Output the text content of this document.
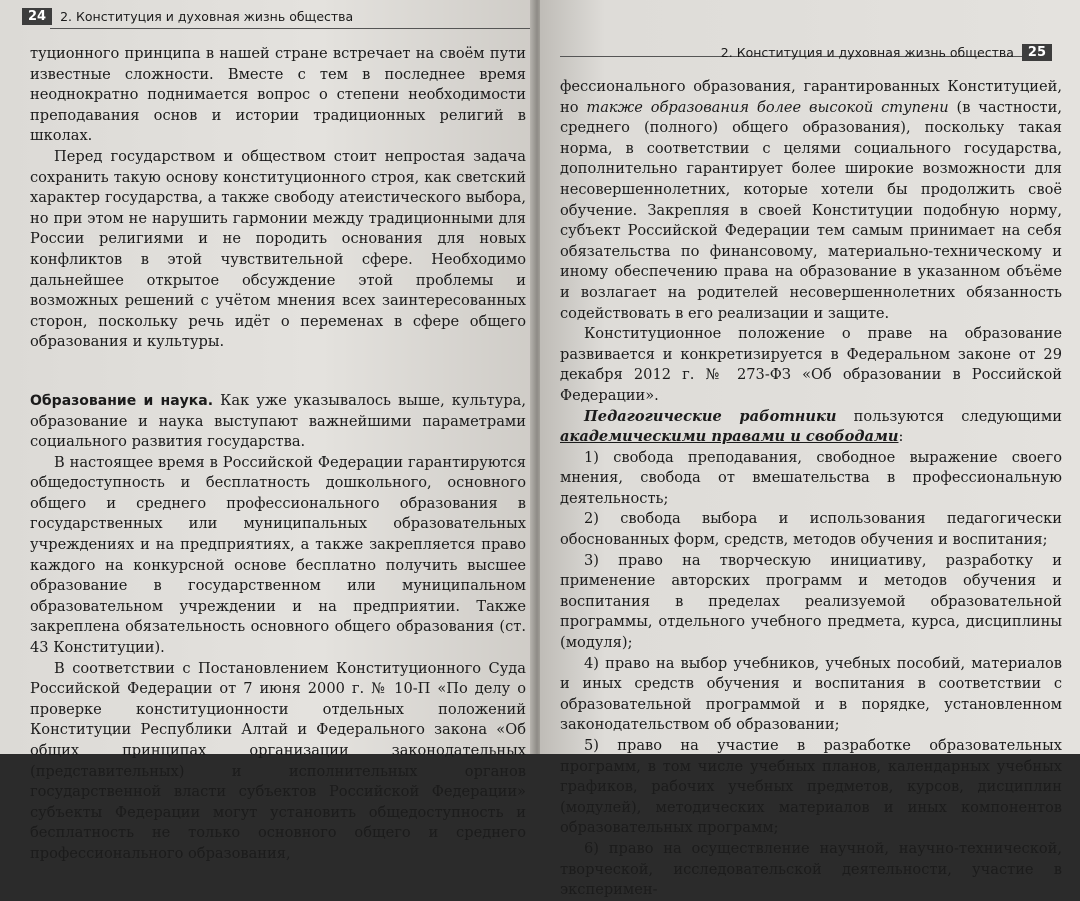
24	2. Конституция и духовная жизнь общества

туционного принципа в нашей стране встречает на своём пути известные сложности. Вместе с тем в последнее время неоднократно поднимается вопрос о степени необходимости преподавания основ и истории традиционных религий в школах.

Перед государством и обществом стоит непростая задача сохранить такую основу конституционного строя, как светский характер государства, а также свободу атеистического выбора, но при этом не нарушить гармонии между традиционными для России религиями и не породить основания для новых конфликтов в этой чувствительной сфере. Необходимо дальнейшее открытое обсуждение этой проблемы и возможных решений с учётом мнения всех заинтересованных сторон, поскольку речь идёт о переменах в сфере общего образования и культуры.

Образование и наука. Как уже указывалось выше, культура, образование и наука выступают важнейшими параметрами социального развития государства.

В настоящее время в Российской Федерации гарантируются общедоступность и бесплатность дошкольного, основного общего и среднего профессионального образования в государственных или муниципальных образовательных учреждениях и на предприятиях, а также закрепляется право каждого на конкурсной основе бесплатно получить высшее образование в государственном или муниципальном образовательном учреждении и на предприятии. Также закреплена обязательность основного общего образования (ст. 43 Конституции).

В соответствии с Постановлением Конституционного Суда Российской Федерации от 7 июня 2000 г. № 10-П «По делу о проверке конституционности отдельных положений Конституции Республики Алтай и Федерального закона «Об общих принципах организации законодательных (представительных) и исполнительных органов государственной власти субъектов Российской Федерации» субъекты Федерации могут установить общедоступность и бесплатность не только основного общего и среднего профессионального образования,

2. Конституция и духовная жизнь общества	25

фессионального образования, гарантированных Конституцией, но также образования более высокой ступени (в частности, среднего (полного) общего образования), поскольку такая норма, в соответствии с целями социального государства, дополнительно гарантирует более широкие возможности для несовершеннолетних, которые хотели бы продолжить своё обучение. Закрепляя в своей Конституции подобную норму, субъект Российской Федерации тем самым принимает на себя обязательства по финансовому, материально-техническому и иному обеспечению права на образование в указанном объёме и возлагает на родителей несовершеннолетних обязанность содействовать в его реализации и защите.

Конституционное положение о праве на образование развивается и конкретизируется в Федеральном законе от 29 декабря 2012 г. № 273-ФЗ «Об образовании в Российской Федерации».

Педагогические работники пользуются следующими академическими правами и свободами:

1) свобода преподавания, свободное выражение своего мнения, свобода от вмешательства в профессиональную деятельность;

2) свобода выбора и использования педагогически обоснованных форм, средств, методов обучения и воспитания;

3) право на творческую инициативу, разработку и применение авторских программ и методов обучения и воспитания в пределах реализуемой образовательной программы, отдельного учебного предмета, курса, дисциплины (модуля);

4) право на выбор учебников, учебных пособий, материалов и иных средств обучения и воспитания в соответствии с образовательной программой и в порядке, установленном законодательством об образовании;

5) право на участие в разработке образовательных программ, в том числе учебных планов, календарных учебных графиков, рабочих учебных предметов, курсов, дисциплин (модулей), методических материалов и иных компонентов образовательных программ;

6) право на осуществление научной, научно-технической, творческой, исследовательской деятельности, участие в эксперимен-
